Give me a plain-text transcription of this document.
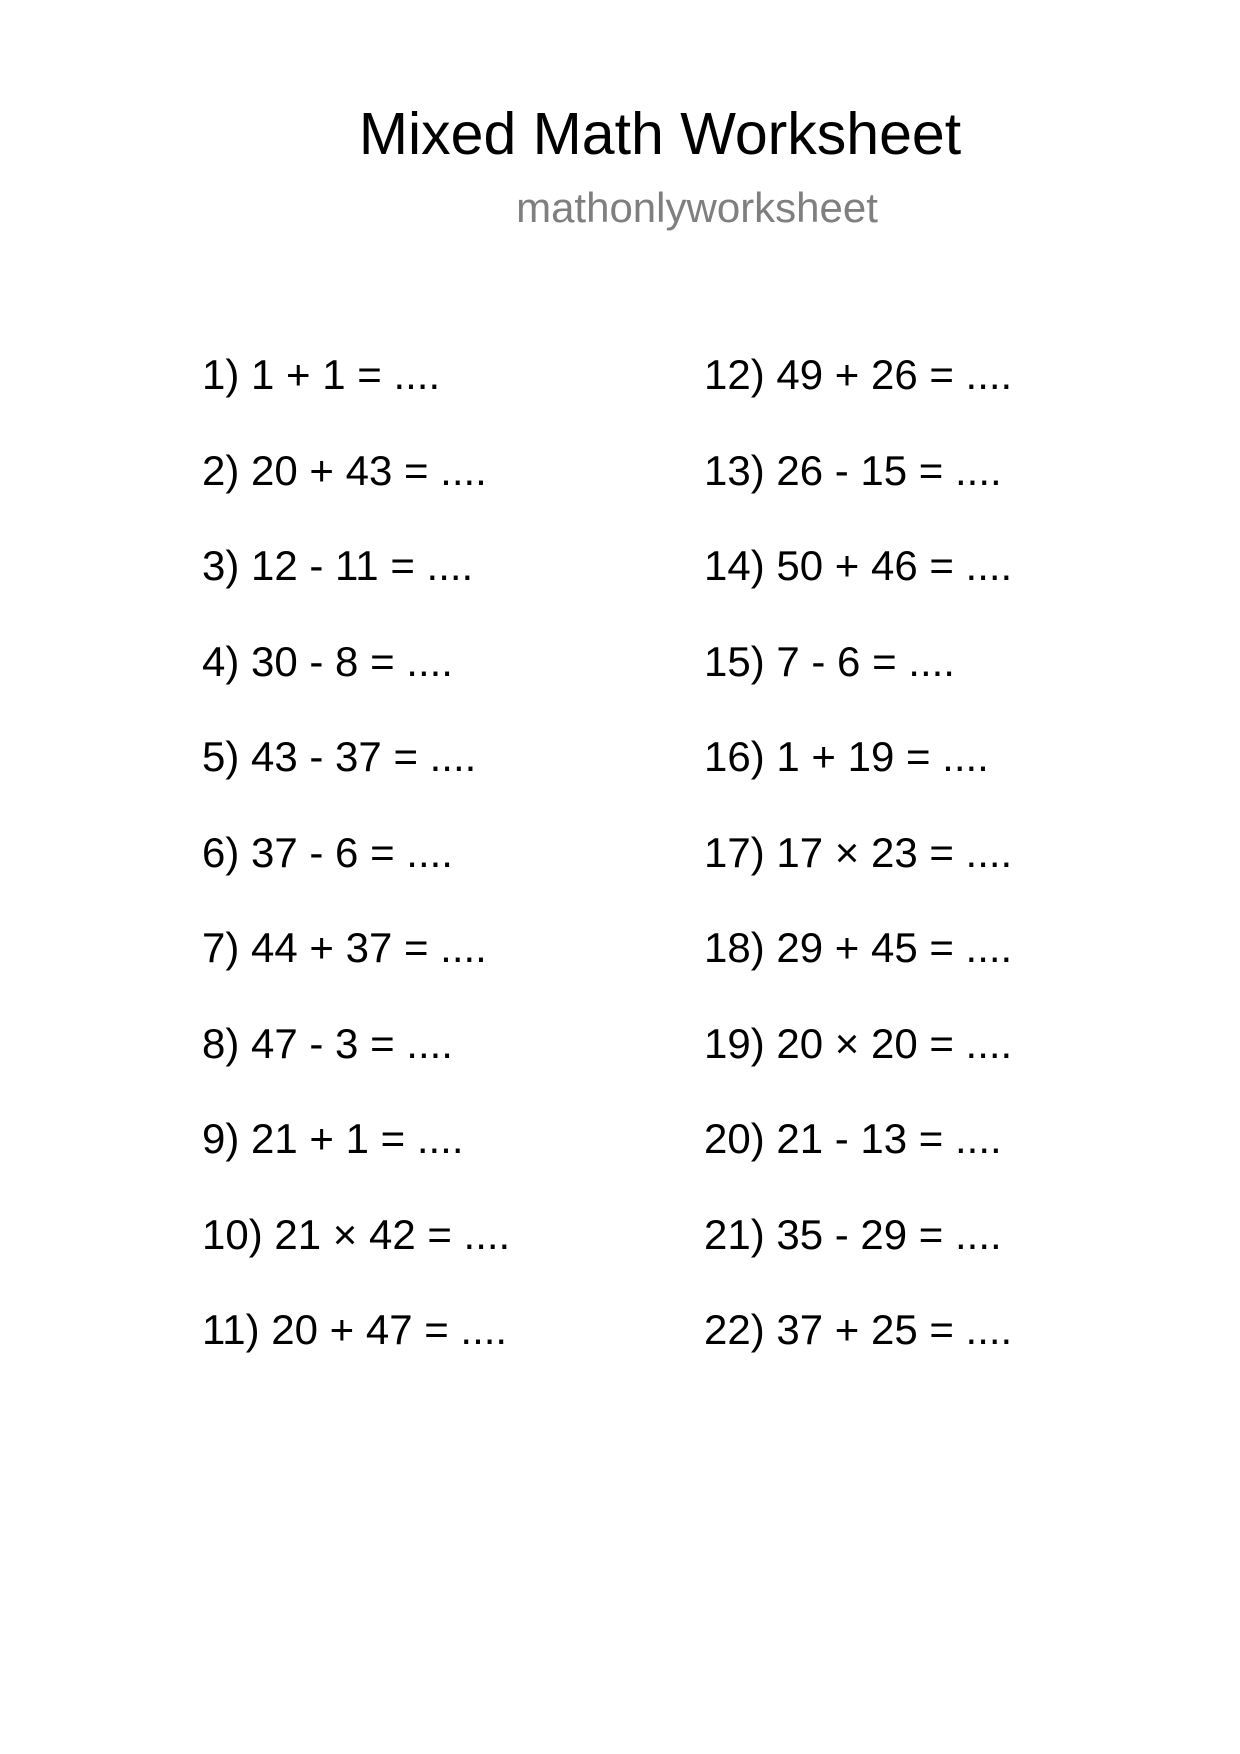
Mixed Math Worksheet

mathonlyworksheet

1) 1 + 1 = ....
2) 20 + 43 = ....
3) 12 - 11 = ....
4) 30 - 8 = ....
5) 43 - 37 = ....
6) 37 - 6 = ....
7) 44 + 37 = ....
8) 47 - 3 = ....
9) 21 + 1 = ....
10) 21 × 42 = ....
11) 20 + 47 = ....
12) 49 + 26 = ....
13) 26 - 15 = ....
14) 50 + 46 = ....
15) 7 - 6 = ....
16) 1 + 19 = ....
17) 17 × 23 = ....
18) 29 + 45 = ....
19) 20 × 20 = ....
20) 21 - 13 = ....
21) 35 - 29 = ....
22) 37 + 25 = ....
